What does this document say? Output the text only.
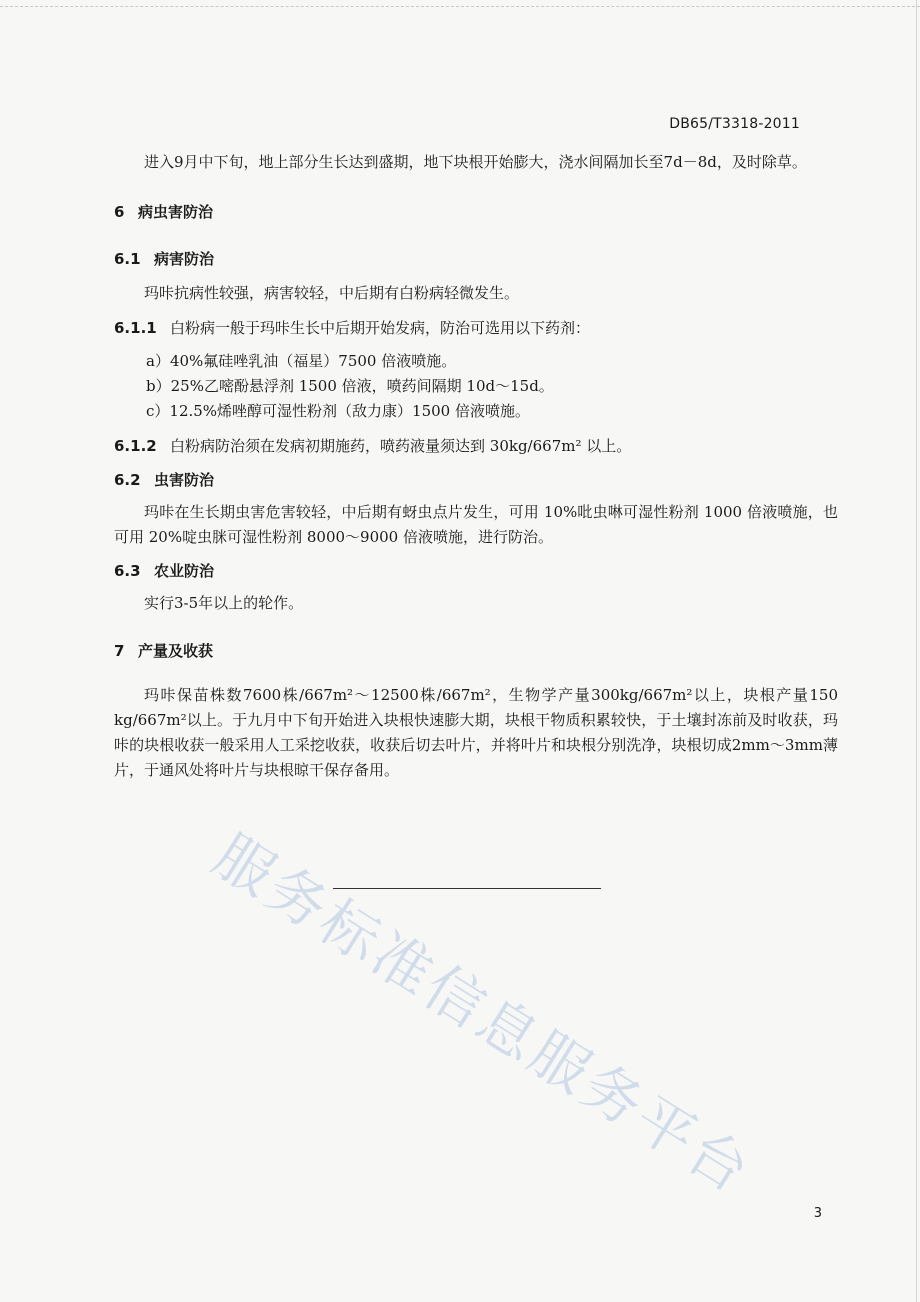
DB65/T3318-2011

进入9月中下旬，地上部分生长达到盛期，地下块根开始膨大，浇水间隔加长至7d－8d，及时除草。

6 病虫害防治

6.1 病害防治

玛咔抗病性较强，病害较轻，中后期有白粉病轻微发生。

6.1.1 白粉病一般于玛咔生长中后期开始发病，防治可选用以下药剂：

a）40%氟硅唑乳油（福星）7500 倍液喷施。
b）25%乙嘧酚悬浮剂 1500 倍液，喷药间隔期 10d～15d。
c）12.5%烯唑醇可湿性粉剂（敌力康）1500 倍液喷施。

6.1.2 白粉病防治须在发病初期施药，喷药液量须达到 30kg/667m² 以上。

6.2 虫害防治

玛咔在生长期虫害危害较轻，中后期有蚜虫点片发生，可用 10%吡虫啉可湿性粉剂 1000 倍液喷施，也可用 20%啶虫脒可湿性粉剂 8000～9000 倍液喷施，进行防治。

6.3 农业防治

实行3-5年以上的轮作。

7 产量及收获

玛咔保苗株数7600株/667m²～12500株/667m²，生物学产量300kg/667m²以上，块根产量150 kg/667m²以上。于九月中下旬开始进入块根快速膨大期，块根干物质积累较快，于土壤封冻前及时收获，玛咔的块根收获一般采用人工采挖收获，收获后切去叶片，并将叶片和块根分别洗净，块根切成2mm～3mm薄片，于通风处将叶片与块根晾干保存备用。

服务标准信息服务平台
3
